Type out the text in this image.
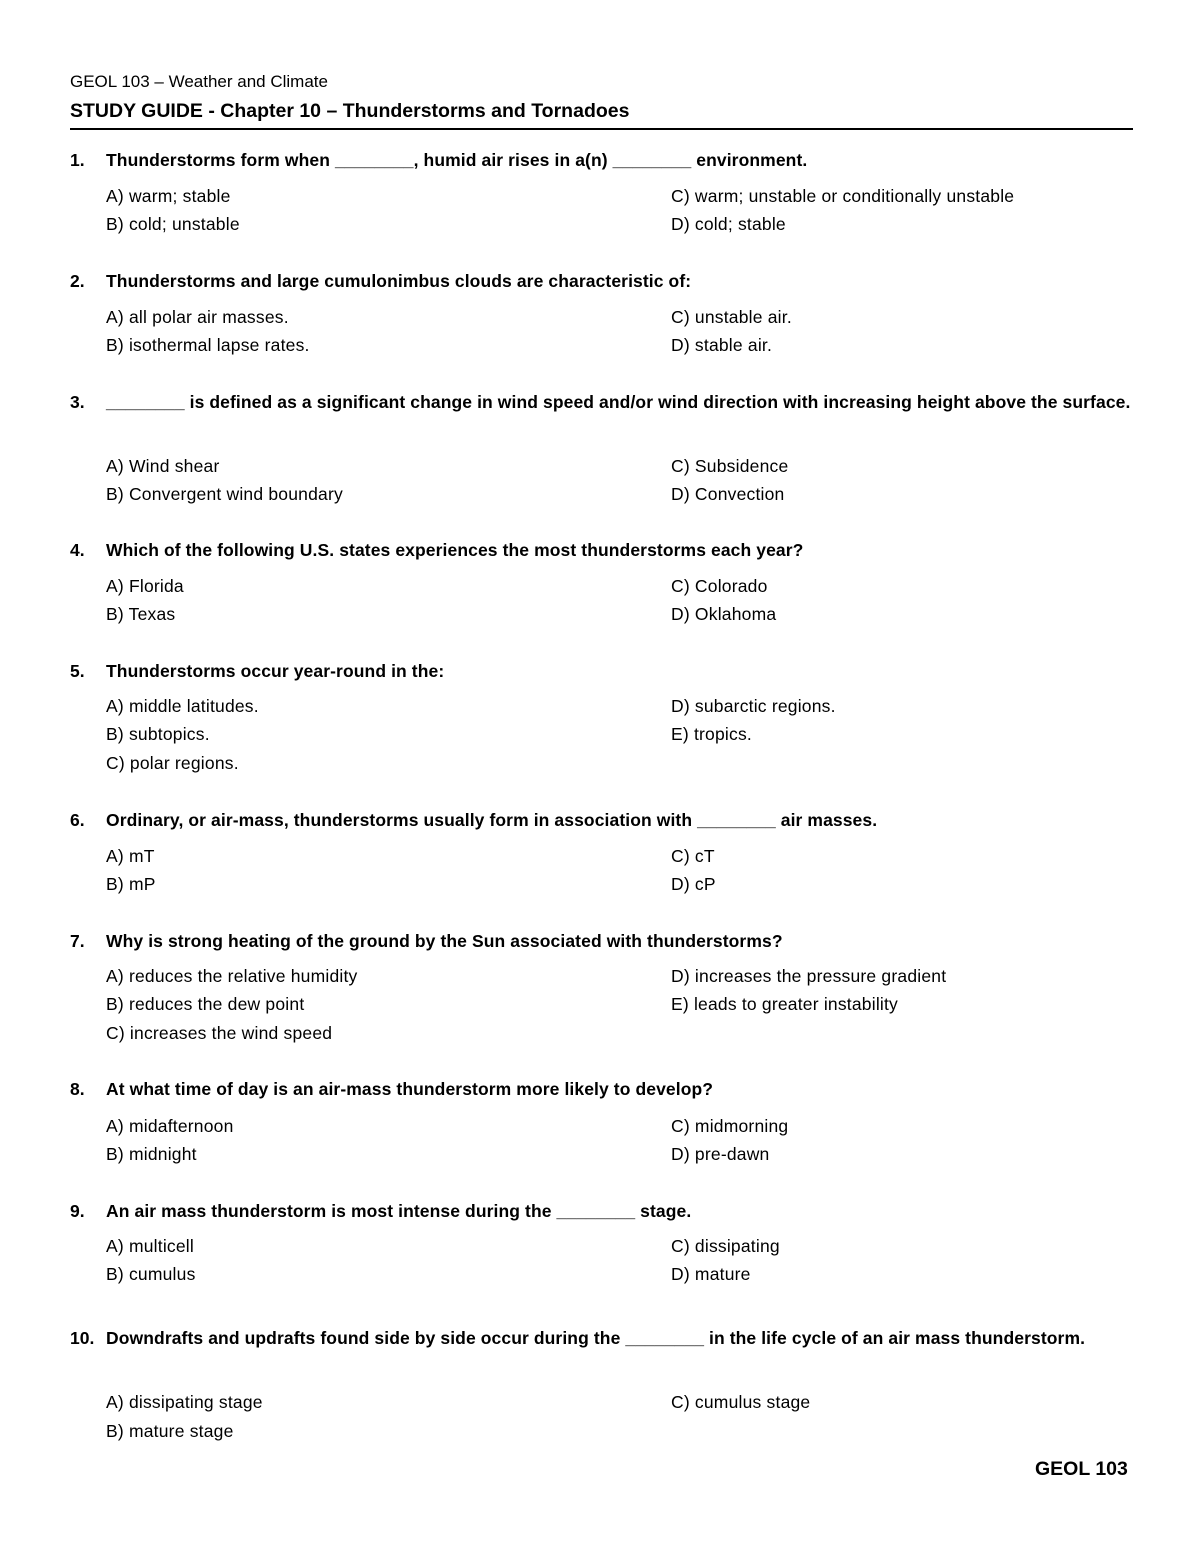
GEOL 103 – Weather and Climate
STUDY GUIDE - Chapter 10 – Thunderstorms and Tornadoes
1. Thunderstorms form when ________, humid air rises in a(n) ________ environment.
A) warm; stable
B) cold; unstable
C) warm; unstable or conditionally unstable
D) cold; stable
2. Thunderstorms and large cumulonimbus clouds are characteristic of:
A) all polar air masses.
B) isothermal lapse rates.
C) unstable air.
D) stable air.
3. ________ is defined as a significant change in wind speed and/or wind direction with increasing height above the surface.
A) Wind shear
B) Convergent wind boundary
C) Subsidence
D) Convection
4. Which of the following U.S. states experiences the most thunderstorms each year?
A) Florida
B) Texas
C) Colorado
D) Oklahoma
5. Thunderstorms occur year-round in the:
A) middle latitudes.
B) subtopics.
C) polar regions.
D) subarctic regions.
E) tropics.
6. Ordinary, or air-mass, thunderstorms usually form in association with ________ air masses.
A) mT
B) mP
C) cT
D) cP
7. Why is strong heating of the ground by the Sun associated with thunderstorms?
A) reduces the relative humidity
B) reduces the dew point
C) increases the wind speed
D) increases the pressure gradient
E) leads to greater instability
8. At what time of day is an air-mass thunderstorm more likely to develop?
A) midafternoon
B) midnight
C) midmorning
D) pre-dawn
9. An air mass thunderstorm is most intense during the ________ stage.
A) multicell
B) cumulus
C) dissipating
D) mature
10. Downdrafts and updrafts found side by side occur during the ________ in the life cycle of an air mass thunderstorm.
A) dissipating stage
B) mature stage
C) cumulus stage
GEOL 103
